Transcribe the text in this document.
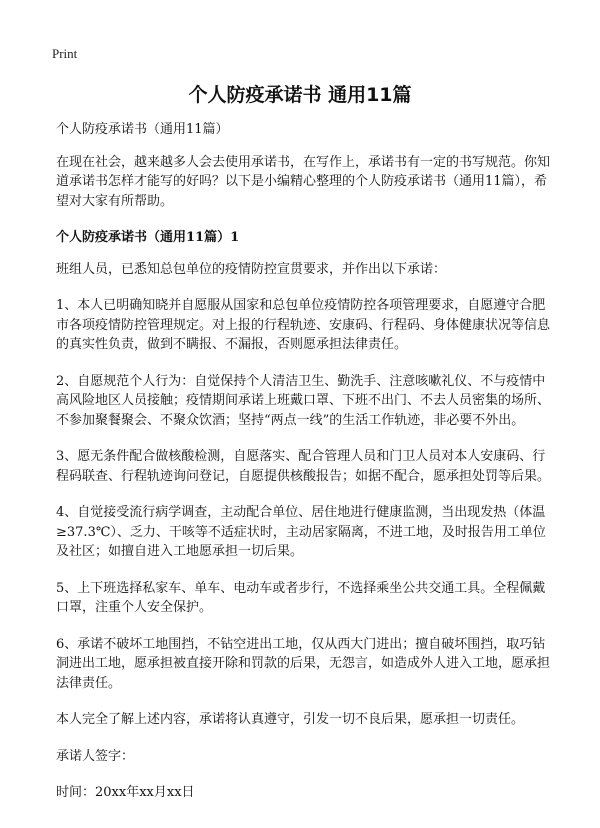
Print
个人防疫承诺书 通用11篇

个人防疫承诺书（通用11篇）

在现在社会，越来越多人会去使用承诺书，在写作上，承诺书有一定的书写规范。你知道承诺书怎样才能写的好吗？以下是小编精心整理的个人防疫承诺书（通用11篇），希望对大家有所帮助。

个人防疫承诺书（通用11篇）1

班组人员，已悉知总包单位的疫情防控宣贯要求，并作出以下承诺：

1、本人已明确知晓并自愿服从国家和总包单位疫情防控各项管理要求，自愿遵守合肥市各项疫情防控管理规定。对上报的行程轨迹、安康码、行程码、身体健康状况等信息的真实性负责，做到不瞒报、不漏报，否则愿承担法律责任。

2、自愿规范个人行为：自觉保持个人清洁卫生、勤洗手、注意咳嗽礼仪、不与疫情中高风险地区人员接触；疫情期间承诺上班戴口罩、下班不出门、不去人员密集的场所、不参加聚餐聚会、不聚众饮酒；坚持“两点一线”的生活工作轨迹，非必要不外出。

3、愿无条件配合做核酸检测，自愿落实、配合管理人员和门卫人员对本人安康码、行程码联查、行程轨迹询问登记，自愿提供核酸报告；如据不配合，愿承担处罚等后果。

4、自觉接受流行病学调查，主动配合单位、居住地进行健康监测，当出现发热（体温≥37.3℃）、乏力、干咳等不适症状时，主动居家隔离，不进工地，及时报告用工单位及社区；如擅自进入工地愿承担一切后果。

5、上下班选择私家车、单车、电动车或者步行，不选择乘坐公共交通工具。全程佩戴口罩，注重个人安全保护。

6、承诺不破坏工地围挡，不钻空进出工地，仅从西大门进出；擅自破坏围挡，取巧钻洞进出工地，愿承担被直接开除和罚款的后果，无怨言，如造成外人进入工地，愿承担法律责任。

本人完全了解上述内容，承诺将认真遵守，引发一切不良后果，愿承担一切责任。

承诺人签字：

时间：20xx年xx月xx日
